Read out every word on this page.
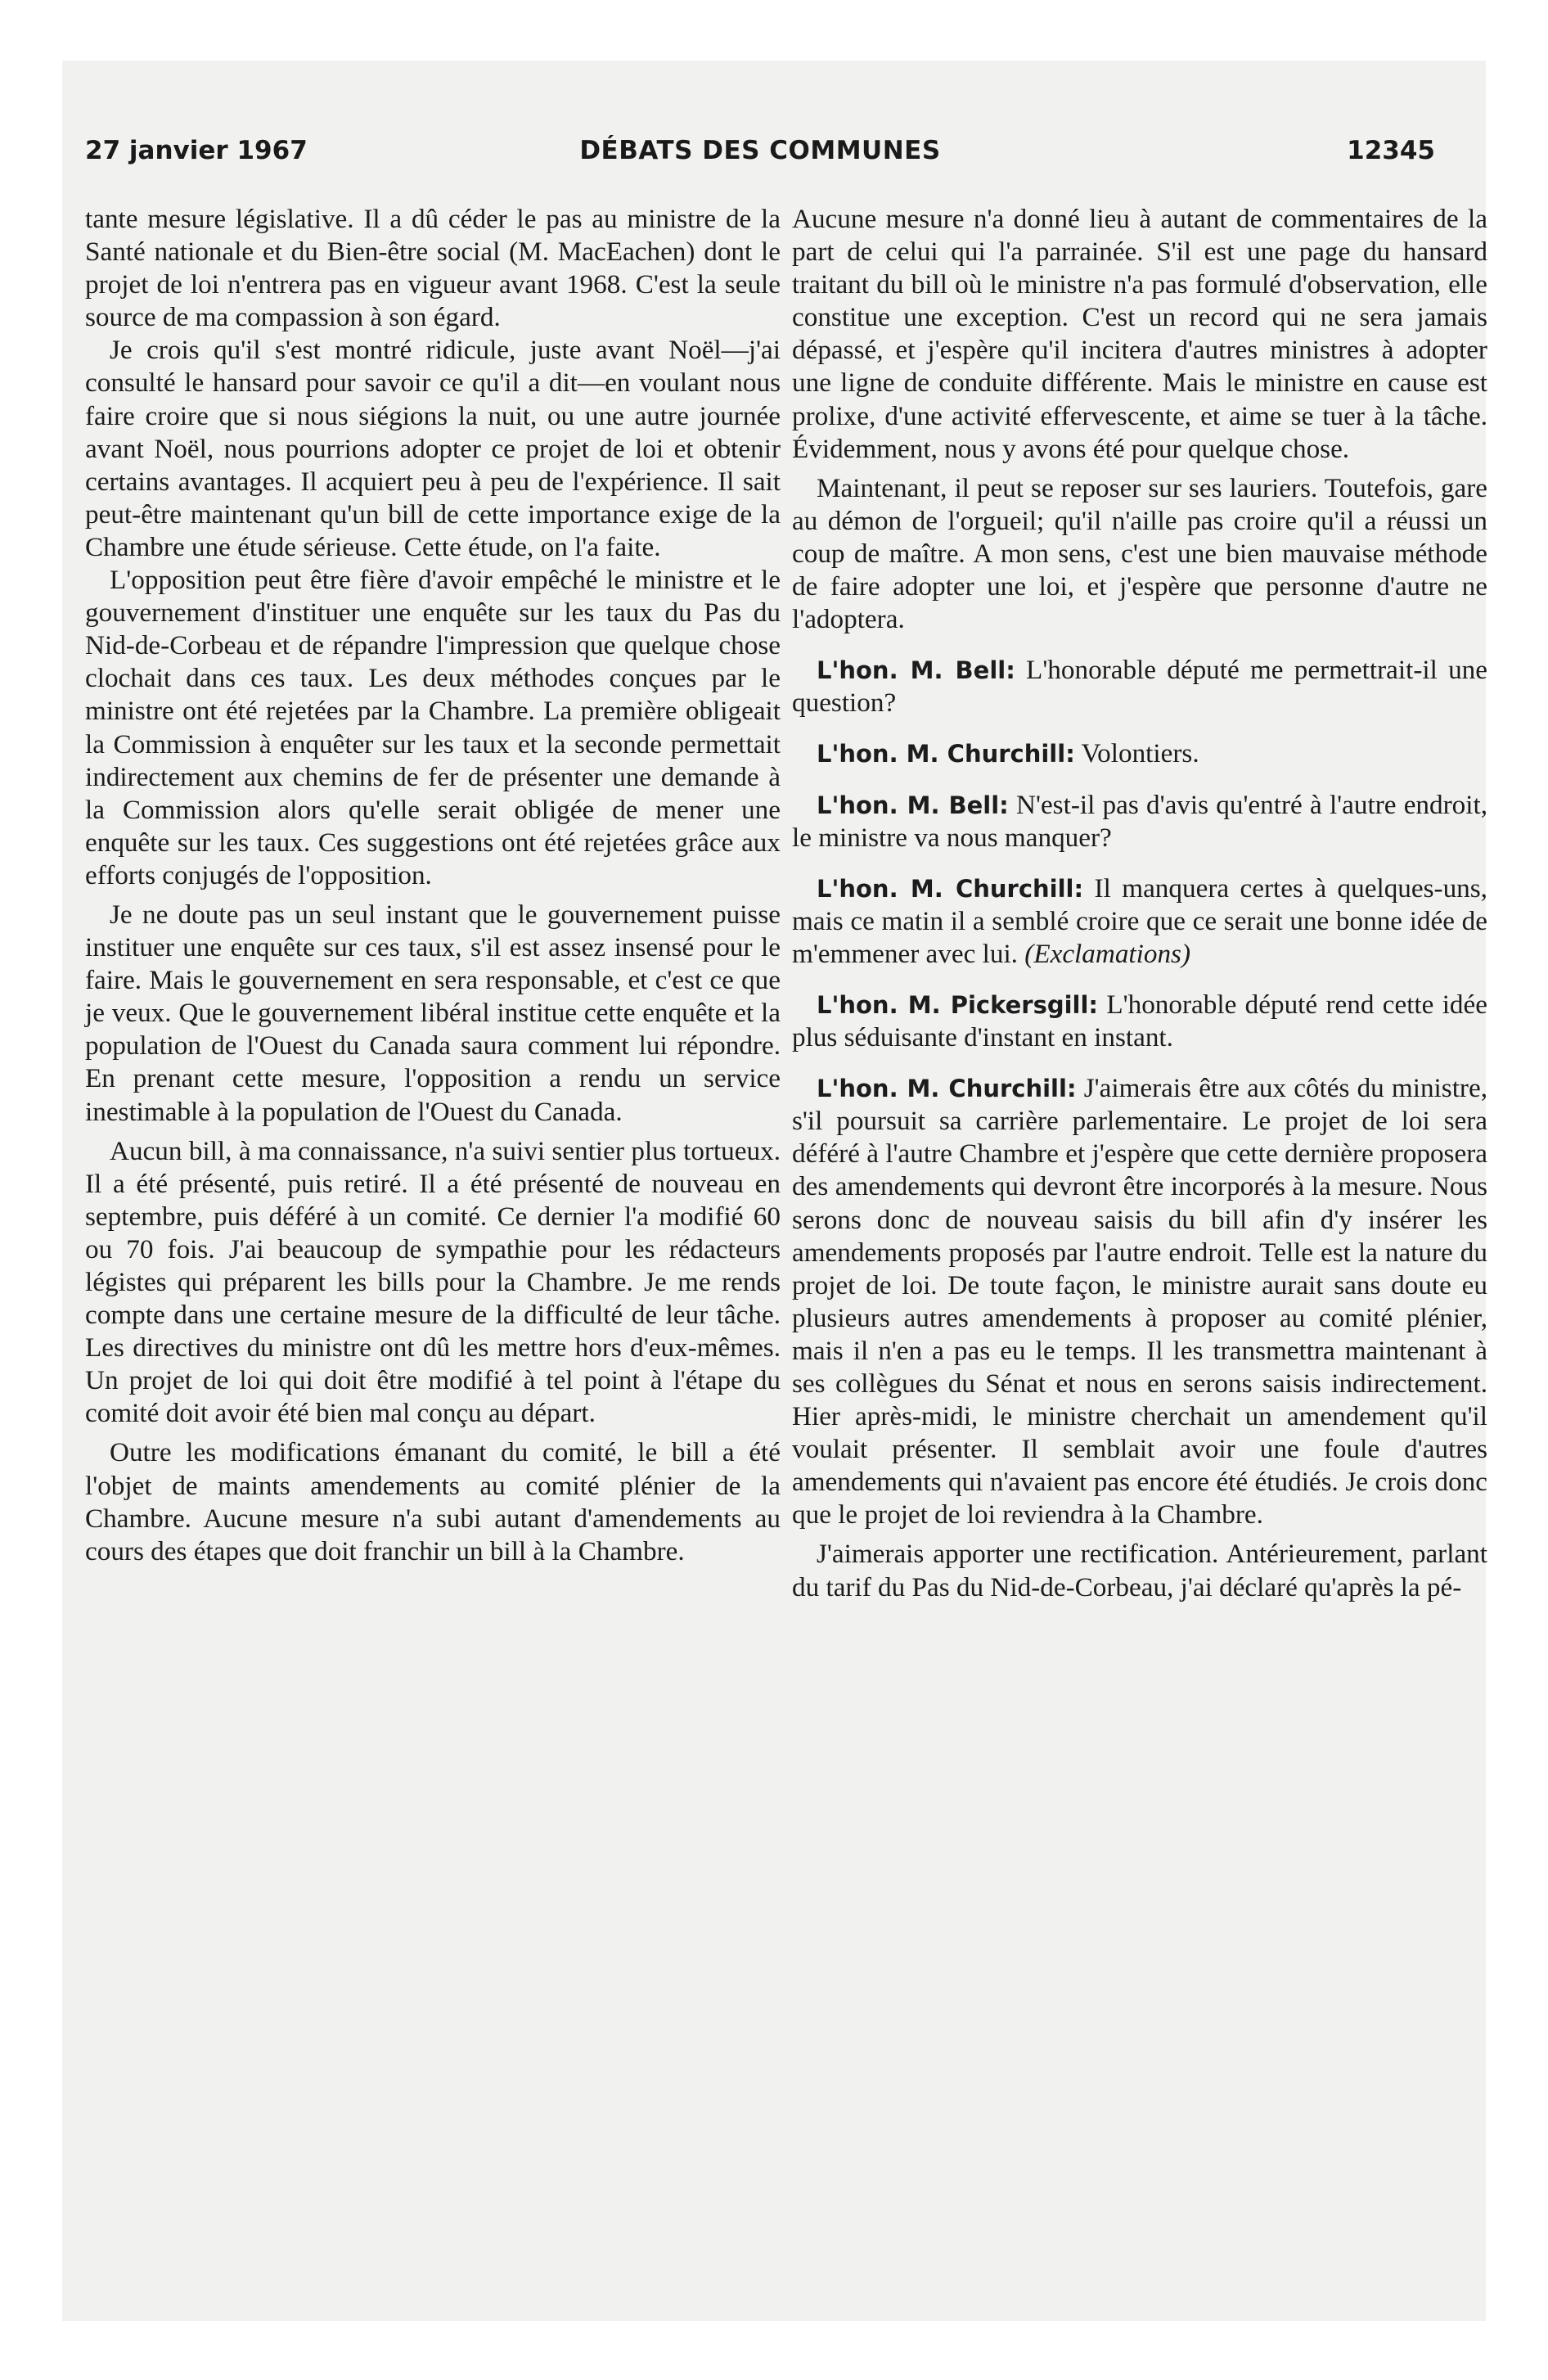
27 janvier 1967	DÉBATS DES COMMUNES	12345

tante mesure législative. Il a dû céder le pas au ministre de la Santé nationale et du Bien-être social (M. MacEachen) dont le projet de loi n'entrera pas en vigueur avant 1968. C'est la seule source de ma compassion à son égard.

Je crois qu'il s'est montré ridicule, juste avant Noël—j'ai consulté le hansard pour savoir ce qu'il a dit—en voulant nous faire croire que si nous siégions la nuit, ou une autre journée avant Noël, nous pourrions adopter ce projet de loi et obtenir certains avantages. Il acquiert peu à peu de l'expérience. Il sait peut-être maintenant qu'un bill de cette importance exige de la Chambre une étude sérieuse. Cette étude, on l'a faite.

L'opposition peut être fière d'avoir empêché le ministre et le gouvernement d'instituer une enquête sur les taux du Pas du Nid-de-Corbeau et de répandre l'impression que quelque chose clochait dans ces taux. Les deux méthodes conçues par le ministre ont été rejetées par la Chambre. La première obligeait la Commission à enquêter sur les taux et la seconde permettait indirectement aux chemins de fer de présenter une demande à la Commission alors qu'elle serait obligée de mener une enquête sur les taux. Ces suggestions ont été rejetées grâce aux efforts conjugés de l'opposition.

Je ne doute pas un seul instant que le gouvernement puisse instituer une enquête sur ces taux, s'il est assez insensé pour le faire. Mais le gouvernement en sera responsable, et c'est ce que je veux. Que le gouvernement libéral institue cette enquête et la population de l'Ouest du Canada saura comment lui répondre. En prenant cette mesure, l'opposition a rendu un service inestimable à la population de l'Ouest du Canada.

Aucun bill, à ma connaissance, n'a suivi sentier plus tortueux. Il a été présenté, puis retiré. Il a été présenté de nouveau en septembre, puis déféré à un comité. Ce dernier l'a modifié 60 ou 70 fois. J'ai beaucoup de sympathie pour les rédacteurs légistes qui préparent les bills pour la Chambre. Je me rends compte dans une certaine mesure de la difficulté de leur tâche. Les directives du ministre ont dû les mettre hors d'eux-mêmes. Un projet de loi qui doit être modifié à tel point à l'étape du comité doit avoir été bien mal conçu au départ.

Outre les modifications émanant du comité, le bill a été l'objet de maints amendements au comité plénier de la Chambre. Aucune mesure n'a subi autant d'amendements au cours des étapes que doit franchir un bill à la Chambre.

Aucune mesure n'a donné lieu à autant de commentaires de la part de celui qui l'a parrainée. S'il est une page du hansard traitant du bill où le ministre n'a pas formulé d'observation, elle constitue une exception. C'est un record qui ne sera jamais dépassé, et j'espère qu'il incitera d'autres ministres à adopter une ligne de conduite différente. Mais le ministre en cause est prolixe, d'une activité effervescente, et aime se tuer à la tâche. Évidemment, nous y avons été pour quelque chose.

Maintenant, il peut se reposer sur ses lauriers. Toutefois, gare au démon de l'orgueil; qu'il n'aille pas croire qu'il a réussi un coup de maître. A mon sens, c'est une bien mauvaise méthode de faire adopter une loi, et j'espère que personne d'autre ne l'adoptera.

L'hon. M. Bell: L'honorable député me permettrait-il une question?

L'hon. M. Churchill: Volontiers.

L'hon. M. Bell: N'est-il pas d'avis qu'entré à l'autre endroit, le ministre va nous manquer?

L'hon. M. Churchill: Il manquera certes à quelques-uns, mais ce matin il a semblé croire que ce serait une bonne idée de m'emmener avec lui. (Exclamations)

L'hon. M. Pickersgill: L'honorable député rend cette idée plus séduisante d'instant en instant.

L'hon. M. Churchill: J'aimerais être aux côtés du ministre, s'il poursuit sa carrière parlementaire. Le projet de loi sera déféré à l'autre Chambre et j'espère que cette dernière proposera des amendements qui devront être incorporés à la mesure. Nous serons donc de nouveau saisis du bill afin d'y insérer les amendements proposés par l'autre endroit. Telle est la nature du projet de loi. De toute façon, le ministre aurait sans doute eu plusieurs autres amendements à proposer au comité plénier, mais il n'en a pas eu le temps. Il les transmettra maintenant à ses collègues du Sénat et nous en serons saisis indirectement. Hier après-midi, le ministre cherchait un amendement qu'il voulait présenter. Il semblait avoir une foule d'autres amendements qui n'avaient pas encore été étudiés. Je crois donc que le projet de loi reviendra à la Chambre.

J'aimerais apporter une rectification. Antérieurement, parlant du tarif du Pas du Nid-de-Corbeau, j'ai déclaré qu'après la pé-
